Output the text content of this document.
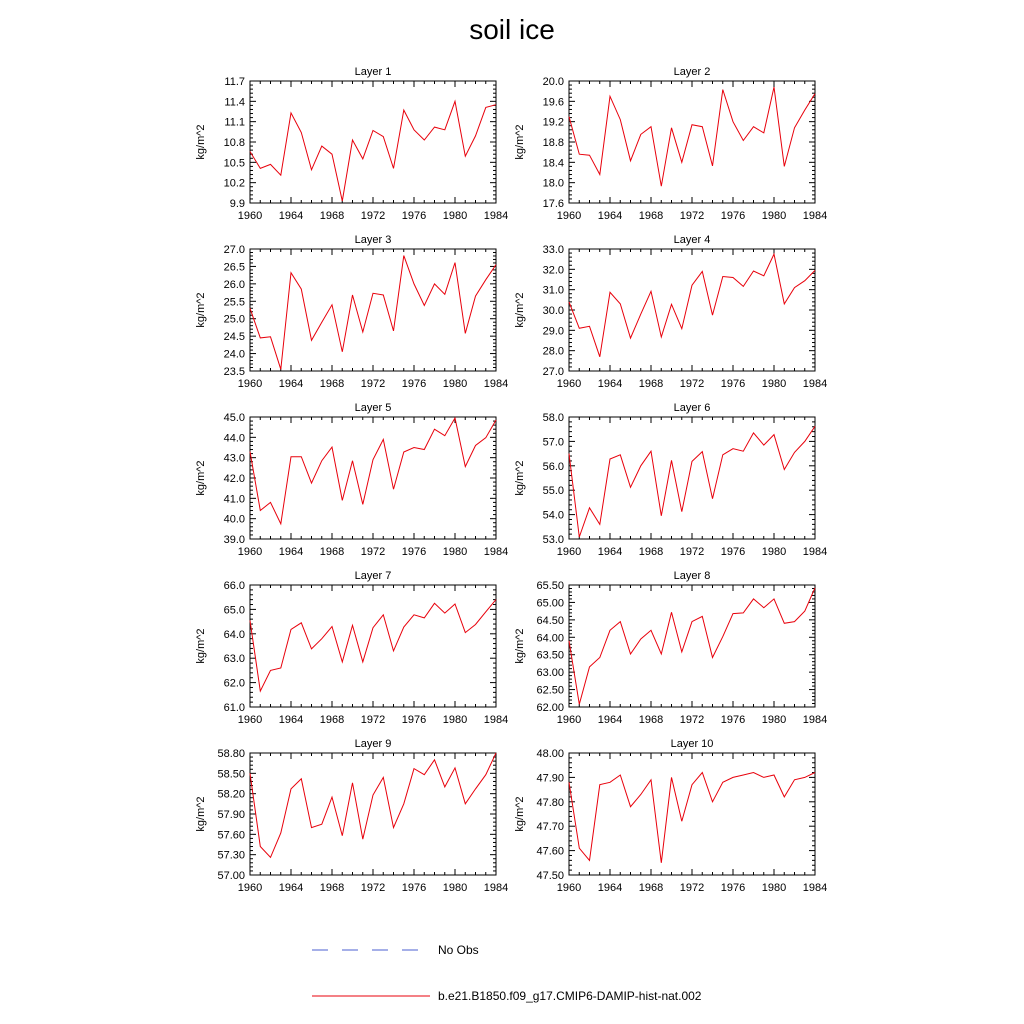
soil ice
Layer 1
9.9
10.2
10.5
10.8
11.1
11.4
11.7
1960 1964 1968 1972 1976 1980 1984
kg/m^2
Layer 2
17.6
18.0
18.4
18.8
19.2
19.6
20.0
1960 1964 1968 1972 1976 1980 1984
kg/m^2
Layer 3
23.5
24.0
24.5
25.0
25.5
26.0
26.5
27.0
1960 1964 1968 1972 1976 1980 1984
kg/m^2
Layer 4
27.0
28.0
29.0
30.0
31.0
32.0
33.0
1960 1964 1968 1972 1976 1980 1984
kg/m^2
Layer 5
39.0
40.0
41.0
42.0
43.0
44.0
45.0
1960 1964 1968 1972 1976 1980 1984
kg/m^2
Layer 6
53.0
54.0
55.0
56.0
57.0
58.0
1960 1964 1968 1972 1976 1980 1984
kg/m^2
Layer 7
61.0
62.0
63.0
64.0
65.0
66.0
1960 1964 1968 1972 1976 1980 1984
kg/m^2
Layer 8
62.00
62.50
63.00
63.50
64.00
64.50
65.00
65.50
1960 1964 1968 1972 1976 1980 1984
kg/m^2
Layer 9
57.00
57.30
57.60
57.90
58.20
58.50
58.80
1960 1964 1968 1972 1976 1980 1984
kg/m^2
Layer 10
47.50
47.60
47.70
47.80
47.90
48.00
1960 1964 1968 1972 1976 1980 1984
kg/m^2
No Obs
b.e21.B1850.f09_g17.CMIP6-DAMIP-hist-nat.002
